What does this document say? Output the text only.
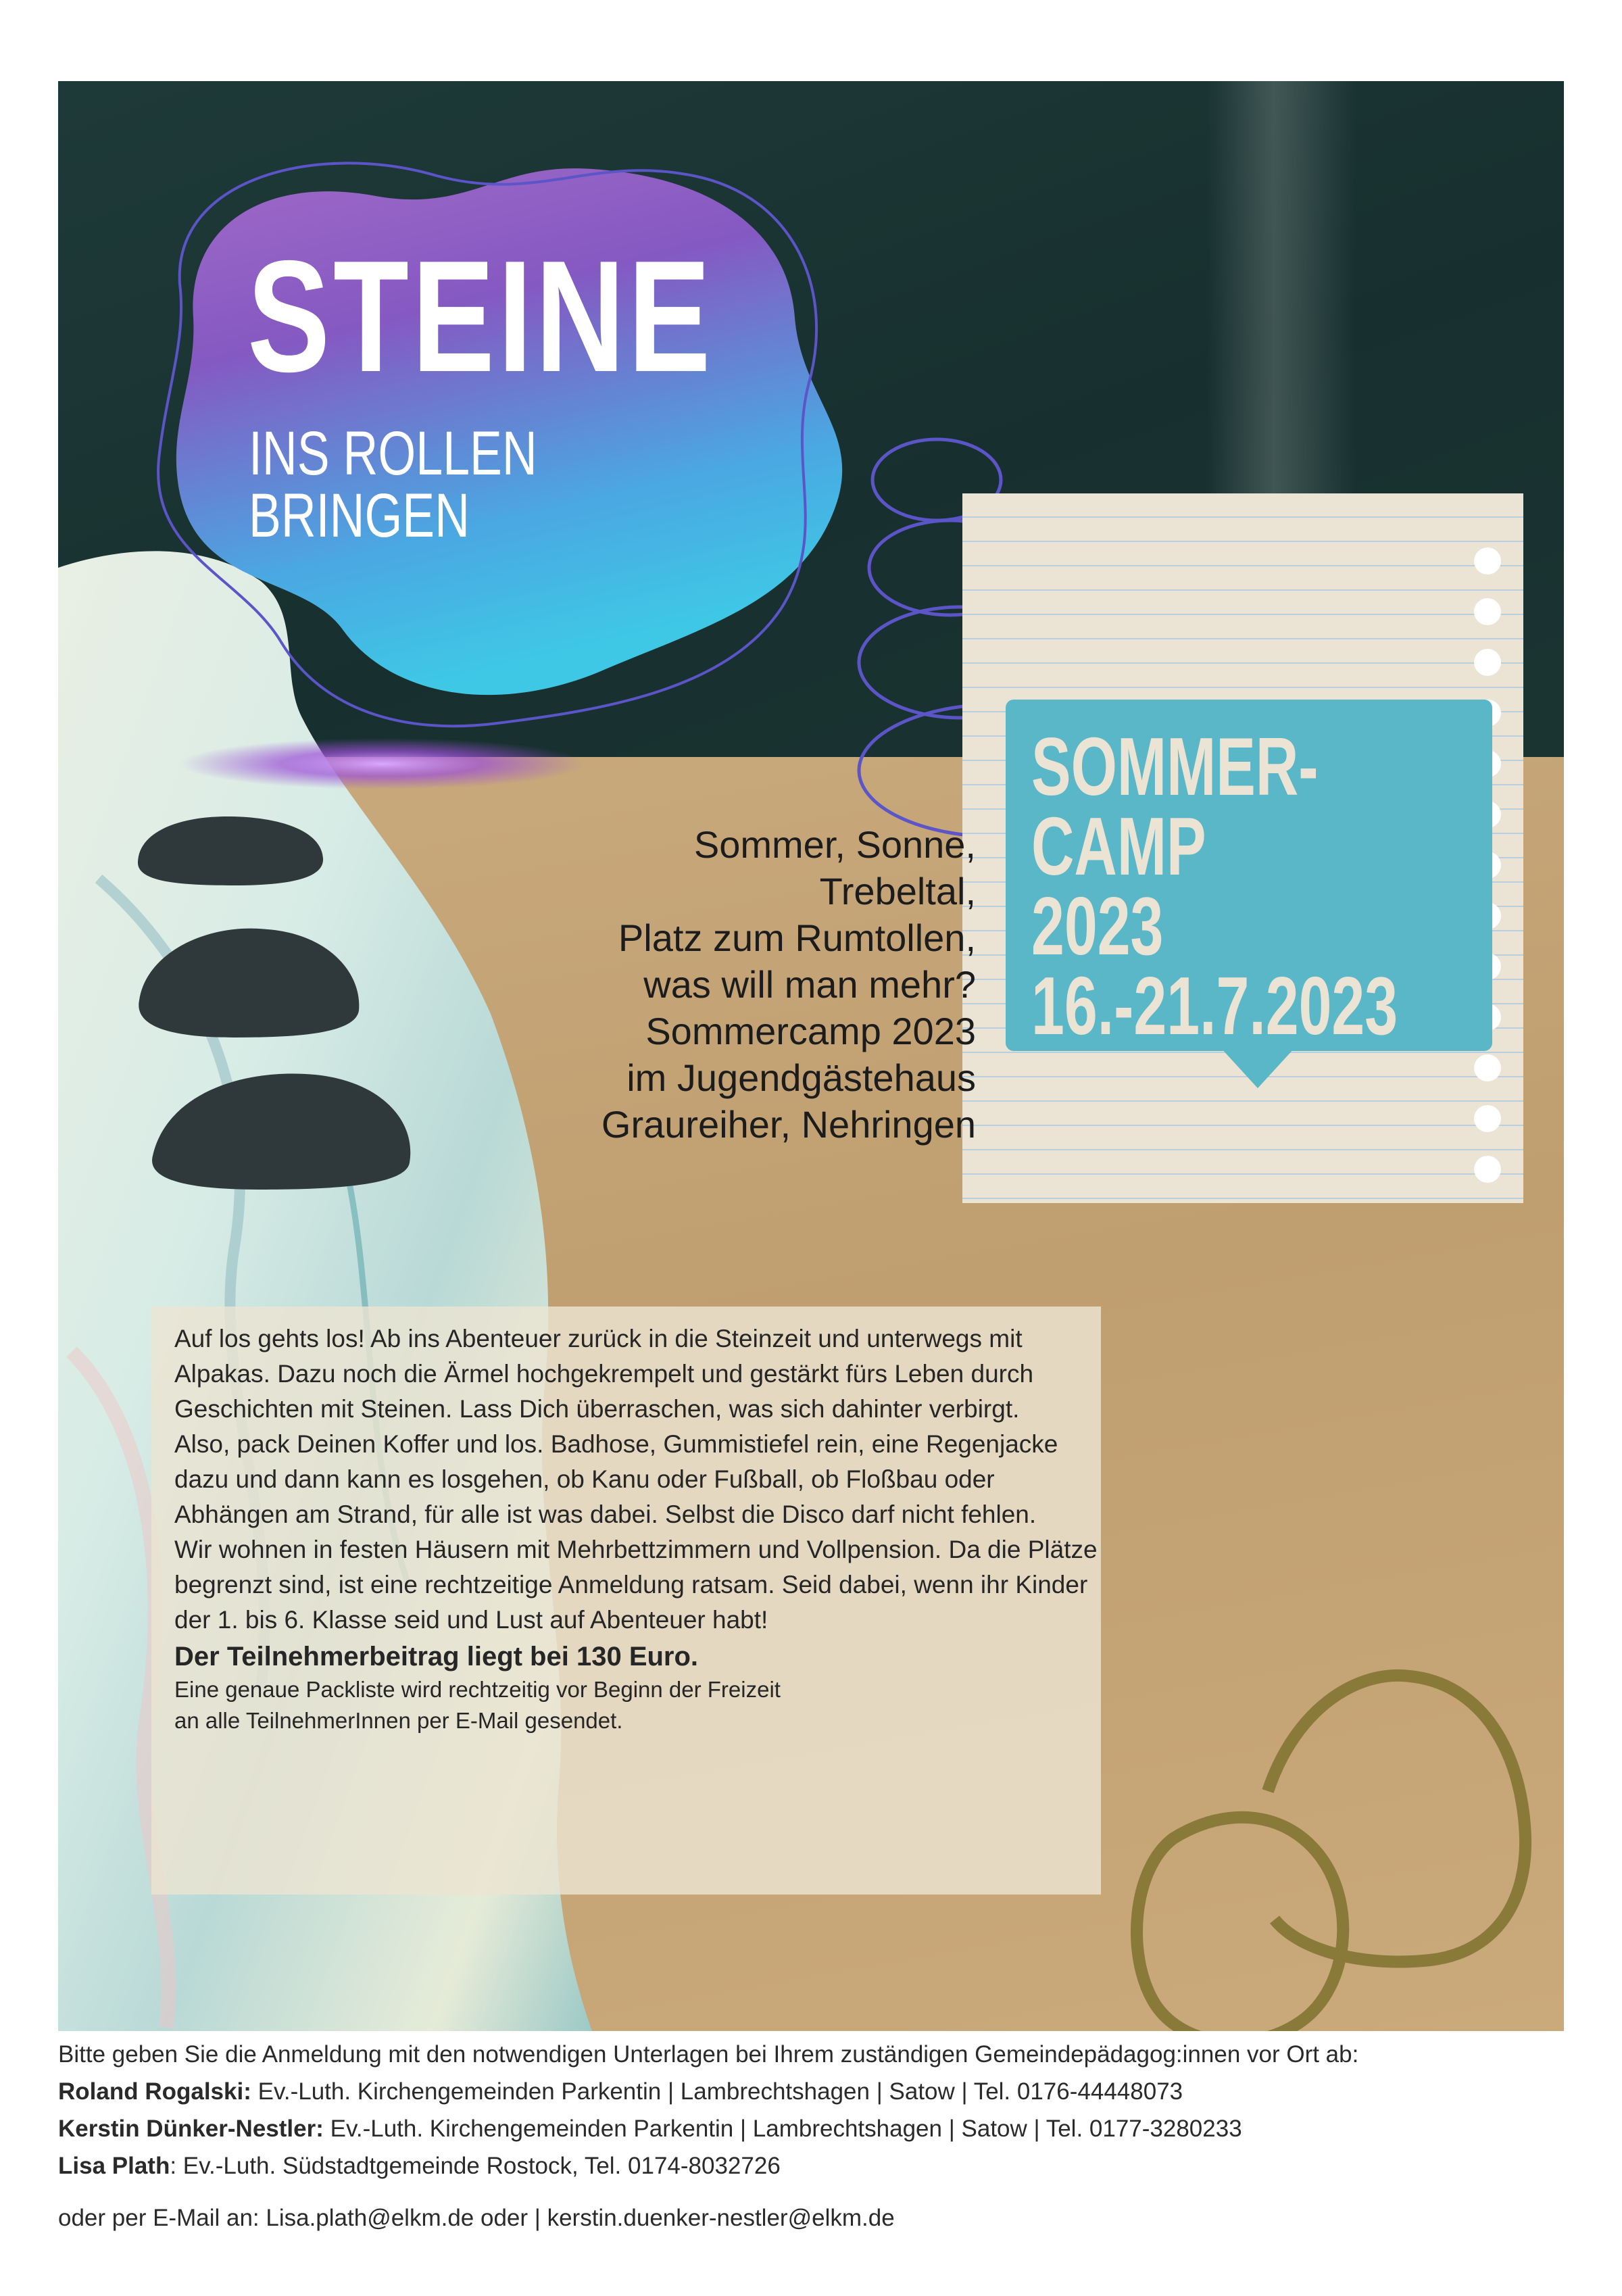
STEINE
INS ROLLEN BRINGEN
SOMMER-
CAMP
2023
16.-21.7.2023
Sommer, Sonne,
Trebeltal,
Platz zum Rumtollen,
was will man mehr?
Sommercamp 2023
im Jugendgästehaus
Graureiher, Nehringen

Auf los gehts los! Ab ins Abenteuer zurück in die Steinzeit und unterwegs mit Alpakas. Dazu noch die Ärmel hochgekrempelt und gestärkt fürs Leben durch Geschichten mit Steinen. Lass Dich überraschen, was sich dahinter verbirgt.

Also, pack Deinen Koffer und los. Badhose, Gummistiefel rein, eine Regenjacke dazu und dann kann es losgehen, ob Kanu oder Fußball, ob Floßbau oder Abhängen am Strand, für alle ist was dabei. Selbst die Disco darf nicht fehlen.

Wir wohnen in festen Häusern mit Mehrbettzimmern und Vollpension. Da die Plätze begrenzt sind, ist eine rechtzeitige Anmeldung ratsam. Seid dabei, wenn ihr Kinder der 1. bis 6. Klasse seid und Lust auf Abenteuer habt!

Der Teilnehmerbeitrag liegt bei 130 Euro.

Eine genaue Packliste wird rechtzeitig vor Beginn der Freizeit
an alle TeilnehmerInnen per E-Mail gesendet.

Bitte geben Sie die Anmeldung mit den notwendigen Unterlagen bei Ihrem zuständigen Gemeindepädagog:innen vor Ort ab:
Roland Rogalski: Ev.-Luth. Kirchengemeinden Parkentin | Lambrechtshagen | Satow | Tel. 0176-44448073
Kerstin Dünker-Nestler: Ev.-Luth. Kirchengemeinden Parkentin | Lambrechtshagen | Satow | Tel. 0177-3280233
Lisa Plath: Ev.-Luth. Südstadtgemeinde Rostock, Tel. 0174-8032726
oder per E-Mail an: Lisa.plath@elkm.de oder | kerstin.duenker-nestler@elkm.de
